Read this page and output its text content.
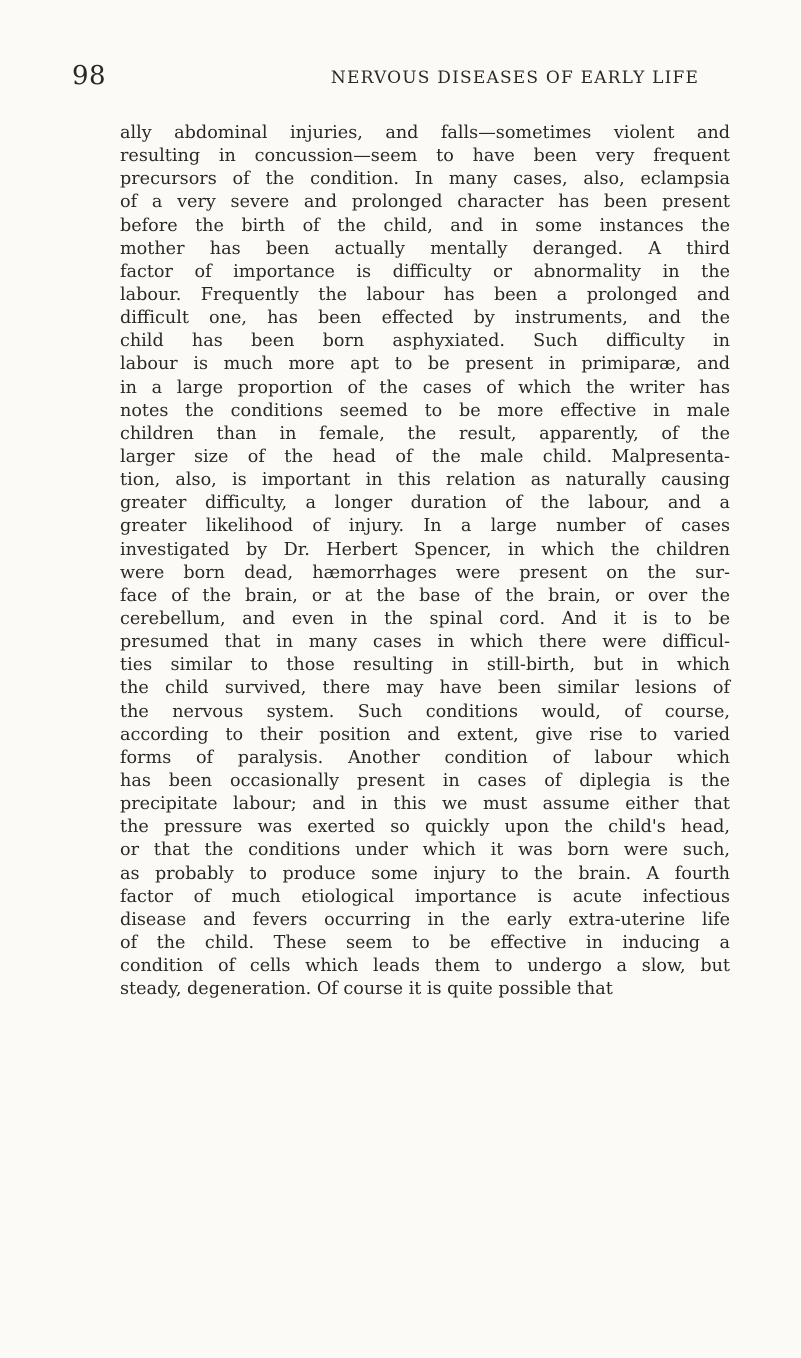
98	NERVOUS DISEASES OF EARLY LIFE
ally abdominal injuries, and falls—sometimes violent and
resulting in concussion—seem to have been very frequent
precursors of the condition. In many cases, also, eclampsia
of a very severe and prolonged character has been present
before the birth of the child, and in some instances the
mother has been actually mentally deranged. A third
factor of importance is difficulty or abnormality in the
labour. Frequently the labour has been a prolonged and
difficult one, has been effected by instruments, and the
child has been born asphyxiated. Such difficulty in
labour is much more apt to be present in primiparæ, and
in a large proportion of the cases of which the writer has
notes the conditions seemed to be more effective in male
children than in female, the result, apparently, of the
larger size of the head of the male child. Malpresenta-
tion, also, is important in this relation as naturally causing
greater difficulty, a longer duration of the labour, and a
greater likelihood of injury. In a large number of cases
investigated by Dr. Herbert Spencer, in which the children
were born dead, hæmorrhages were present on the sur-
face of the brain, or at the base of the brain, or over the
cerebellum, and even in the spinal cord. And it is to be
presumed that in many cases in which there were difficul-
ties similar to those resulting in still-birth, but in which
the child survived, there may have been similar lesions of
the nervous system. Such conditions would, of course,
according to their position and extent, give rise to varied
forms of paralysis. Another condition of labour which
has been occasionally present in cases of diplegia is the
precipitate labour; and in this we must assume either that
the pressure was exerted so quickly upon the child's head,
or that the conditions under which it was born were such,
as probably to produce some injury to the brain. A fourth
factor of much etiological importance is acute infectious
disease and fevers occurring in the early extra-uterine life
of the child. These seem to be effective in inducing a
condition of cells which leads them to undergo a slow, but
steady, degeneration. Of course it is quite possible that
